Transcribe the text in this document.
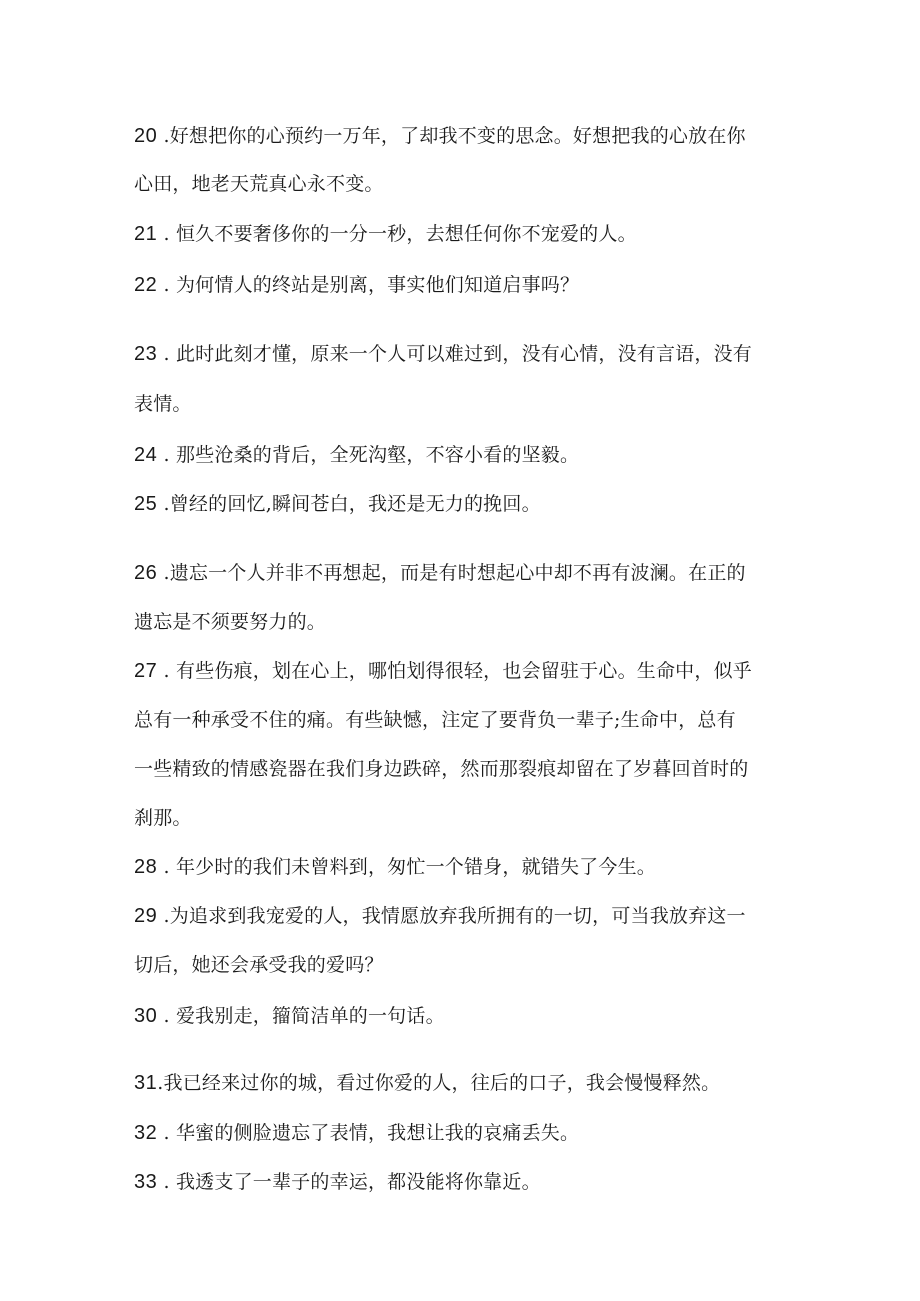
20 .好想把你的心预约一万年，了却我不变的思念。好想把我的心放在你
心田，地老天荒真心永不变。
21 . 恒久不要奢侈你的一分一秒，去想任何你不宠爱的人。
22 . 为何情人的终站是别离，事实他们知道启事吗？
23 . 此时此刻才懂，原来一个人可以难过到，没有心情，没有言语，没有
表情。
24 . 那些沧桑的背后，全死沟壑，不容小看的坚毅。
25 .曾经的回忆,瞬间苍白，我还是无力的挽回。
26 .遗忘一个人并非不再想起，而是有时想起心中却不再有波澜。在正的
遗忘是不须要努力的。
27 . 有些伤痕，划在心上，哪怕划得很轻，也会留驻于心。生命中，似乎
总有一种承受不住的痛。有些缺憾，注定了要背负一辈子;生命中，总有
一些精致的情感瓷器在我们身边跌碎，然而那裂痕却留在了岁暮回首时的
刹那。
28 . 年少时的我们未曾料到，匆忙一个错身，就错失了今生。
29 .为追求到我宠爱的人，我情愿放弃我所拥有的一切，可当我放弃这一
切后，她还会承受我的爱吗？
30 . 爱我别走，籀简洁单的一句话。
31.我已经来过你的城，看过你爱的人，往后的口子，我会慢慢释然。
32 . 华蜜的侧脸遗忘了表情，我想让我的哀痛丢失。
33 . 我透支了一辈子的幸运，都没能将你靠近。
